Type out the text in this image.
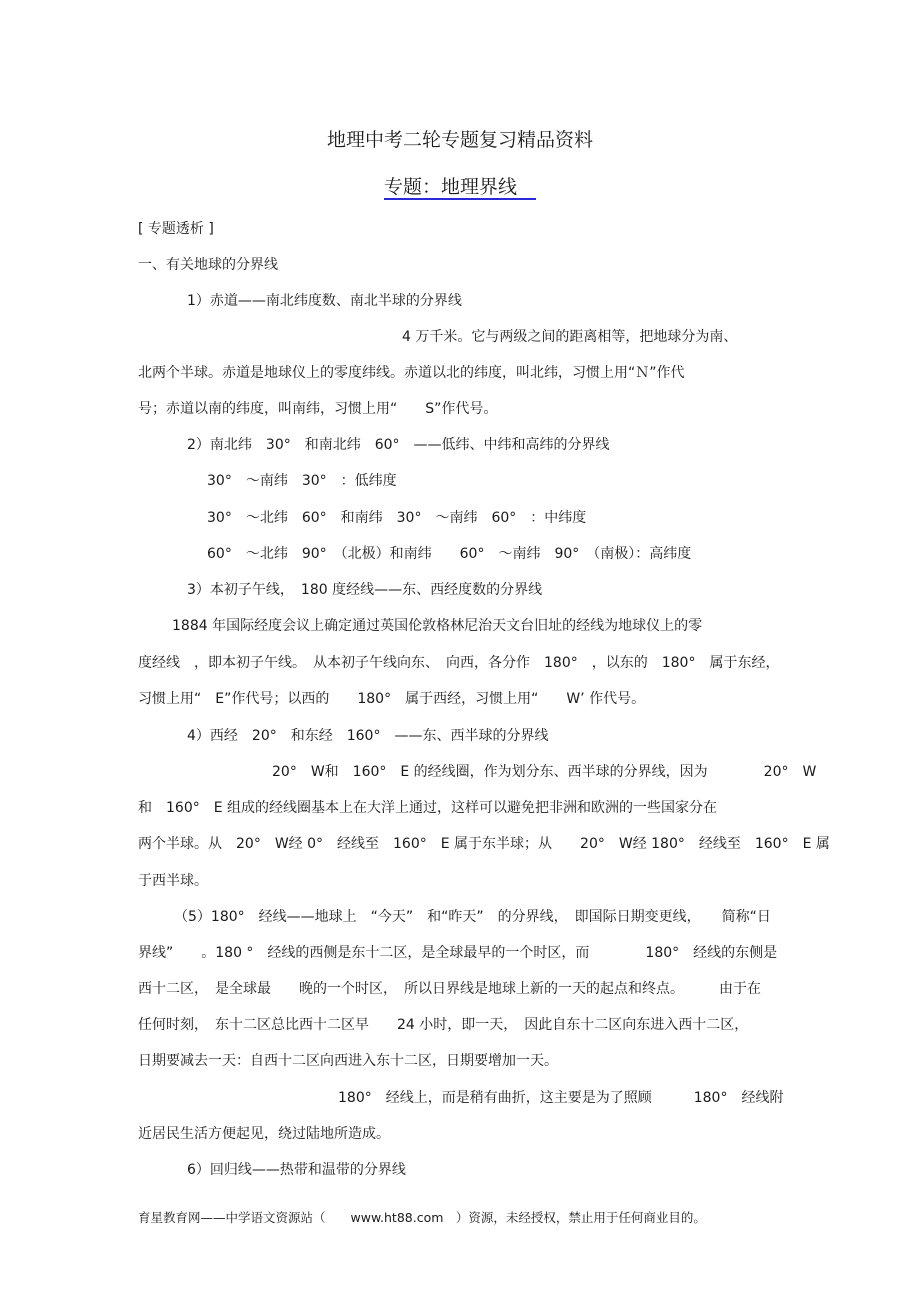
地理中考二轮专题复习精品资料
专题：地理界线
[ 专题透析 ]
一、有关地球的分界线
1）赤道——南北纬度数、南北半球的分界线
4 万千米。它与两级之间的距离相等，把地球分为南、
北两个半球。赤道是地球仪上的零度纬线。赤道以北的纬度，叫北纬，习惯上用“Ｎ”作代
号；赤道以南的纬度，叫南纬，习惯上用“　　S”作代号。
2）南北纬　30°　和南北纬　60°　——低纬、中纬和高纬的分界线
30°　～南纬　30°　：低纬度
30°　～北纬　60°　和南纬　30°　～南纬　60°　：中纬度
60°　～北纬　90°　（北极）和南纬　　60°　～南纬　90°　（南极）：高纬度
3）本初子午线，　180 度经线——东、西经度数的分界线
1884 年国际经度会议上确定通过英国伦敦格林尼治天文台旧址的经线为地球仪上的零
度经线　，即本初子午线。　从本初子午线向东、　向西，各分作　180°　，以东的　180°　属于东经，
习惯上用“　E”作代号；以西的　　180°　属于西经，习惯上用“　　W’ 作代号。
4）西经　20°　和东经　160°　——东、西半球的分界线
20°　W和　160°　E 的经线圈，作为划分东、西半球的分界线，因为　　　　20°　W
和　160°　E 组成的经线圈基本上在大洋上通过，这样可以避免把非洲和欧洲的一些国家分在
两个半球。从　20°　W经 0°　经线至　160°　E 属于东半球；从　　20°　W经 180°　经线至　160°　E 属
于西半球。
（5）180°　经线——地球上　“今天”　和“昨天”　的分界线，　即国际日期变更线，　　简称“日
界线”　　。180 °　经线的西侧是东十二区，是全球最早的一个时区，而　　　　180°　经线的东侧是
西十二区，　是全球最　　晚的一个时区，　所以日界线是地球上新的一天的起点和终点。　　　由于在
任何时刻，　东十二区总比西十二区早　　24 小时，即一天，　因此自东十二区向东进入西十二区，
日期要减去一天：自西十二区向西进入东十二区，日期要增加一天。
180°　经线上，而是稍有曲折，这主要是为了照顾　　　180°　经线附
近居民生活方便起见，绕过陆地所造成。
6）回归线——热带和温带的分界线
育星教育网——中学语文资源站（　　www.ht88.com　）资源，未经授权，禁止用于任何商业目的。
